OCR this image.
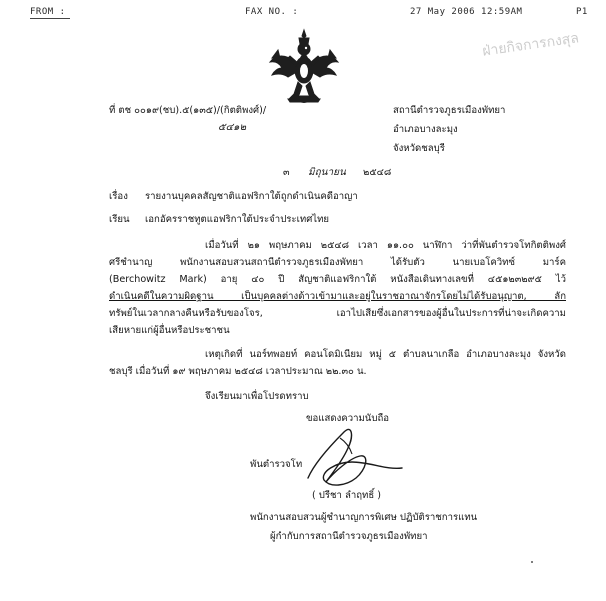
FROM :	FAX NO. :	27 May 2006 12:59AM	P1
ฝ่ายกิจการกงสุล
ที่ ตช ๐๐๑๙(ชบ).๕(๑๓๕)/(กิตติพงศ์)/
๕๔๑๒
สถานีตำรวจภูธรเมืองพัทยา
อำเภอบางละมุง
จังหวัดชลบุรี
๓ มิถุนายน ๒๕๔๘
เรื่อง รายงานบุคคลสัญชาติแอฟริกาใต้ถูกดำเนินคดีอาญา
เรียน เอกอัครราชทูตแอฟริกาใต้ประจำประเทศไทย
เมื่อวันที่ ๒๑ พฤษภาคม ๒๕๔๘ เวลา ๑๑.๐๐ นาฬิกา ว่าที่พันตำรวจโทกิตติพงศ์
ศรีชำนาญ พนักงานสอบสวนสถานีตำรวจภูธรเมืองพัทยา ได้รับตัว นายเบอโควิทซ์ มาร์ค
(Berchowitz Mark) อายุ ๔๐ ปี สัญชาติแอฟริกาใต้ หนังสือเดินทางเลขที่ ๔๕๑๒๓๒๙๕ ไว้
ดำเนินคดีในความผิดฐาน เป็นบุคคลต่างด้าวเข้ามาและอยู่ในราชอาณาจักรโดยไม่ได้รับอนุญาต, ลัก
ทรัพย์ในเวลากลางคืนหรือรับของโจร, เอาไปเสียซึ่งเอกสารของผู้อื่นในประการที่น่าจะเกิดความ
เสียหายแก่ผู้อื่นหรือประชาชน
เหตุเกิดที่ นอร์ทพอยท์ คอนโดมิเนียม หมู่ ๕ ตำบลนาเกลือ อำเภอบางละมุง จังหวัด
ชลบุรี เมื่อวันที่ ๑๙ พฤษภาคม ๒๕๔๘ เวลาประมาณ ๒๒.๓๐ น.
จึงเรียนมาเพื่อโปรดทราบ
ขอแสดงความนับถือ
พันตำรวจโท
( ปรีชา ลำฤทธิ์ )
พนักงานสอบสวนผู้ชำนาญการพิเศษ ปฏิบัติราชการแทน
ผู้กำกับการสถานีตำรวจภูธรเมืองพัทยา
